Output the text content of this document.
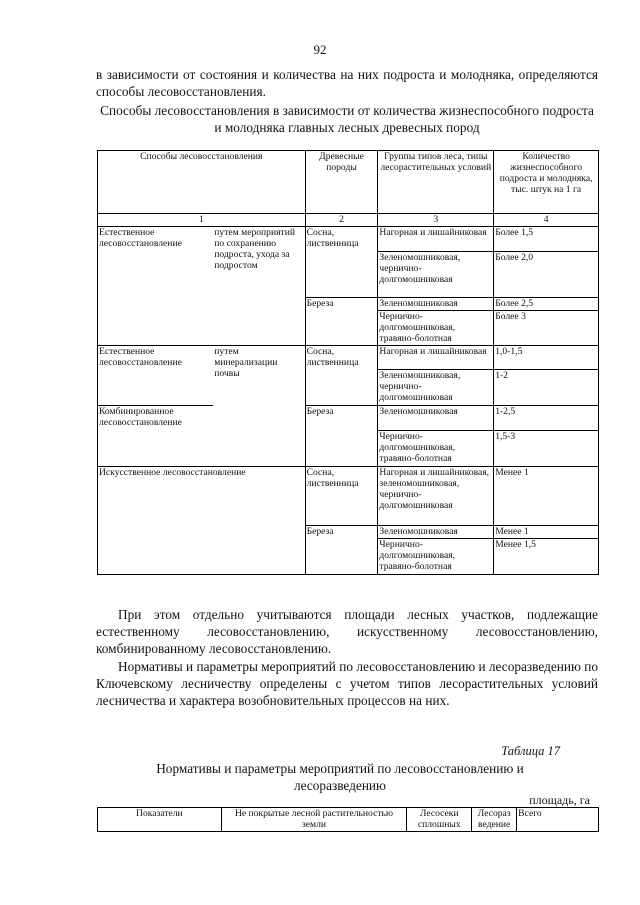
92
в зависимости от состояния и количества на них подроста и молодняка, определяются способы лесовосстановления.
Способы лесовосстановления в зависимости от количества жизнеспособного подроста и молодняка главных лесных древесных пород
Способы лесовосстановления		Древесные породы	Группы типов леса, типы лесорастительных условий	Количество жизнеспособного подроста и молодняка, тыс. штук на 1 га
1		2	3	4
Естественное лесовосстановление	путем мероприятий по сохранению подроста, ухода за подростом	Сосна, лиственница	Нагорная и лишайниковая	Более 1,5
			Зеленомошниковая, чернично-долгомошниковая	Более 2,0
		Береза	Зеленомошниковая	Более 2,5
			Чернично-долгомошниковая, травяно-болотная	Более 3
Естественное лесовосстановление	путем минерализации почвы	Сосна, лиственница	Нагорная и лишайниковая	1,0-1,5
			Зеленомошниковая, чернично-долгомошниковая	1-2
Комбинированное лесовосстановление		Береза	Зеленомошниковая	1-2,5
			Чернично-долгомошниковая, травяно-болотная	1,5-3
Искусственное лесовосстановление		Сосна, лиственница	Нагорная и лишайниковая, зеленомошниковая, чернично-долгомошниковая	Менее 1
		Береза	Зеленомошниковая	Менее 1
			Чернично-долгомошниковая, травяно-болотная	Менее 1,5
При этом отдельно учитываются площади лесных участков, подлежащие естественному лесовосстановлению, искусственному лесовосстановлению, комбинированному лесовосстановлению.
Нормативы и параметры мероприятий по лесовосстановлению и лесоразведению по Ключевскому лесничеству определены с учетом типов лесорастительных условий лесничества и характера возобновительных процессов на них.
Таблица 17
Нормативы и параметры мероприятий по лесовосстановлению и лесоразведению
площадь, га
Показатели	Не покрытые лесной растительностью земли	Лесосеки сплошных	Лесораз ведение	Всего
